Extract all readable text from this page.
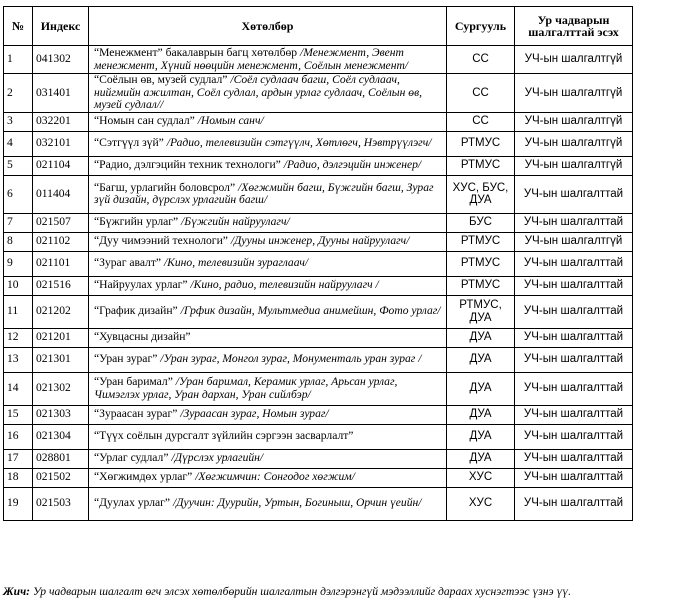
№	Индекс	Хөтөлбөр	Сургууль	Ур чадварын шалгалттай эсэх
1	041302	“Менежмент” бакалаврын багц хөтөлбөр /Менежмент, Эвент менежмент, Хүний нөөцийн менежмент, Соёлын менежмент/	СС	УЧ-ын шалгалтгүй
2	031401	“Соёлын өв, музей судлал” /Соёл судлаач багш, Соёл судлаач, нийгмийн ажилтан, Соёл судлал, ардын урлаг судлаач, Соёлын өв, музей судлал//	СС	УЧ-ын шалгалтгүй
3	032201	“Номын сан судлал” /Номын санч/	СС	УЧ-ын шалгалтгүй
4	032101	“Сэтгүүл зүй” /Радио, телевизийн сэтгүүлч, Хөтлөгч, Нэвтрүүлэгч/	РТМУС	УЧ-ын шалгалтгүй
5	021104	“Радио, дэлгэцийн техник технологи” /Радио, дэлгэцийн инженер/	РТМУС	УЧ-ын шалгалтгүй
6	011404	“Багш, урлагийн боловсрол” /Хөгжмийн багш, Бүжгийн багш, Зураг зүй дизайн, дүрслэх урлагийн багш/	ХУС, БУС, ДУА	УЧ-ын шалгалттай
7	021507	“Бүжгийн урлаг” /Бүжгийн найруулагч/	БУС	УЧ-ын шалгалттай
8	021102	“Дуу чимээний технологи” /Дууны инженер, Дууны найруулагч/	РТМУС	УЧ-ын шалгалтгүй
9	021101	“Зураг авалт” /Кино, телевизийн зураглаач/	РТМУС	УЧ-ын шалгалттай
10	021516	“Найруулах урлаг” /Кино, радио, телевизийн найруулагч /	РТМУС	УЧ-ын шалгалттай
11	021202	“График дизайн” /Грфик дизайн, Мультмедиа анимейшн, Фото урлаг/	РТМУС, ДУА	УЧ-ын шалгалттай
12	021201	“Хувцасны дизайн”	ДУА	УЧ-ын шалгалттай
13	021301	“Уран зураг” /Уран зураг, Монгол зураг, Монументаль уран зураг /	ДУА	УЧ-ын шалгалттай
14	021302	“Уран баримал” /Уран баримал, Керамик урлаг, Арьсан урлаг, Чимэглэх урлаг, Уран дархан, Уран сийлбэр/	ДУА	УЧ-ын шалгалттай
15	021303	“Зураасан зураг” /Зураасан зураг, Номын зураг/	ДУА	УЧ-ын шалгалттай
16	021304	“Түүх соёлын дурсгалт зүйлийн сэргээн засварлалт”	ДУА	УЧ-ын шалгалттай
17	028801	“Урлаг судлал” /Дүрслэх урлагийн/	ДУА	УЧ-ын шалгалттай
18	021502	“Хөгжимдөх урлаг” /Хөгжимчин: Сонгодог хөгжим/	ХУС	УЧ-ын шалгалттай
19	021503	“Дуулах урлаг” /Дуучин: Дуурийн, Уртын, Богиныш, Орчин үеийн/	ХУС	УЧ-ын шалгалттай
Жич: Ур чадварын шалгалт өгч элсэх хөтөлбөрийн шалгалтын дэлгэрэнгүй мэдээллийг дараах хуснэгтээс үзнэ үү.
